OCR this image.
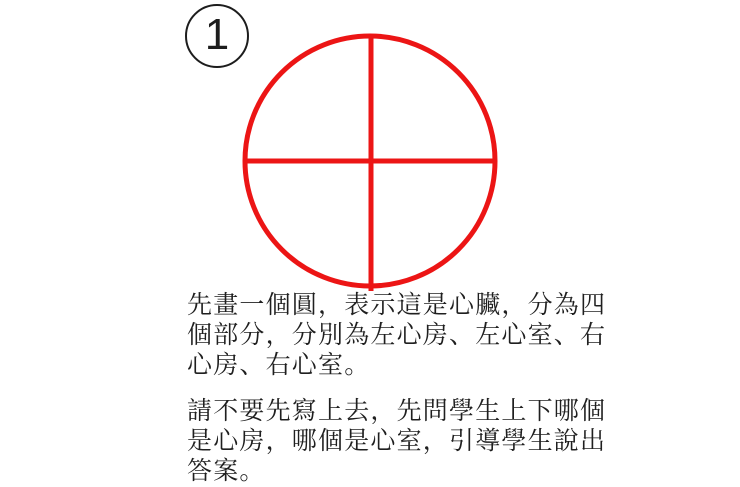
1

先畫一個圓，表示這是心臟，分為四
個部分，分別為左心房、左心室、右
心房、右心室。

請不要先寫上去，先問學生上下哪個
是心房，哪個是心室，引導學生說出
答案。
